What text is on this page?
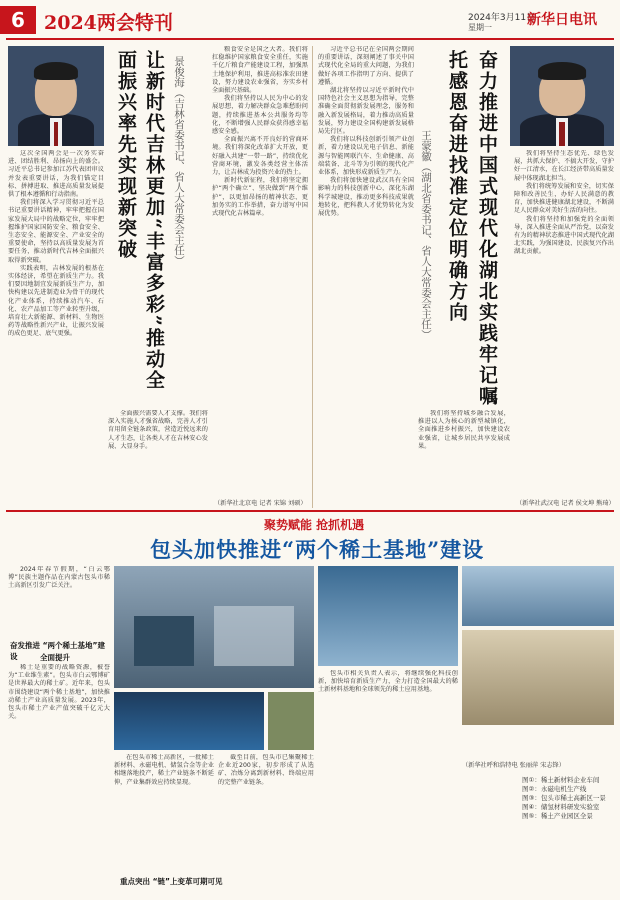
6	2024两会特刊	2024年3月11日
星期一	新华日电讯
让新时代吉林更加“丰富多彩”推动全面振兴率先实现新突破	景俊海（吉林省委书记、省人大常委会主任）

这次全国两会是一次务实奋进、团结胜利、昂扬向上的盛会。习近平总书记参加江苏代表团审议并发表重要讲话，为我们锚定目标、拼搏进取、推进高质量发展提供了根本遵循和行动指南。

我们将深入学习贯彻习近平总书记重要讲话精神，牢牢把握在国家发展大局中的战略定位，牢牢把握维护国家国防安全、粮食安全、生态安全、能源安全、产业安全的重要使命，坚持以高质量发展为首要任务，推动新时代吉林全面振兴取得新突破。

实践表明，吉林发展的根基在实体经济，希望在新质生产力。我们要因地制宜发展新质生产力，加快构建以先进制造业为骨干的现代化产业体系，持续推动汽车、石化、农产品加工等产业转型升级，培育壮大新能源、新材料、生物医药等战略性新兴产业，让振兴发展的成色更足、底气更强。

全面振兴需要人才支撑。我们将深入实施人才强省战略，完善人才引育用留全链条政策，营造近悦远来的人才生态，让各类人才在吉林安心发展、大显身手。

粮食安全是国之大者。我们将扛稳维护国家粮食安全重任，实施千亿斤粮食产能建设工程，加强黑土地保护利用，推进高标准农田建设，努力建设农业强省，夯实乡村全面振兴基础。

我们将坚持以人民为中心的发展思想，着力解决群众急难愁盼问题，持续推进基本公共服务均等化，不断增强人民群众获得感幸福感安全感。

全面振兴离不开良好的营商环境。我们将深化改革扩大开放，更好融入共建“一带一路”，持续优化营商环境，激发各类经营主体活力，让吉林成为投资兴业的热土。

新时代新征程，我们将坚定拥护“两个确立”、坚决做到“两个维护”，以更加昂扬的精神状态、更加务实的工作举措，奋力谱写中国式现代化吉林篇章。

（新华社北京电 记者 宋锦 刘硕）

习近平总书记在全国两会期间的重要讲话，深刻阐述了事关中国式现代化全局的重大问题，为我们做好各项工作指明了方向、提供了遵循。

湖北将坚持以习近平新时代中国特色社会主义思想为指导，完整准确全面贯彻新发展理念，服务和融入新发展格局，着力推动高质量发展，努力建设全国构建新发展格局先行区。

我们将以科技创新引领产业创新，着力建设以光电子信息、新能源与智能网联汽车、生命健康、高端装备、北斗等为引领的现代化产业体系，加快形成新质生产力。

我们将加快建设武汉具有全国影响力的科技创新中心，深化东湖科学城建设，推动更多科技成果就地转化，把科教人才优势转化为发展优势。	王蒙徽（湖北省委书记、省人大常委会主任）	奋力推进中国式现代化湖北实践牢记嘱托感恩奋进找准定位明确方向

我们将坚持城乡融合发展，推进以人为核心的新型城镇化，全面推进乡村振兴，加快建设农业强省，让城乡居民共享发展成果。

我们将坚持生态优先、绿色发展，共抓大保护、不搞大开发，守护好一江清水，在长江经济带高质量发展中体现湖北担当。

我们将统筹发展和安全，切实保障和改善民生，办好人民满意的教育，加快推进健康湖北建设，不断满足人民群众对美好生活的向往。

我们将坚持和加强党的全面领导，深入推进全面从严治党，以奋发有为的精神状态推进中国式现代化湖北实践，为强国建设、民族复兴作出湖北贡献。

（新华社武汉电 记者 侯文坤 熊琦）
聚势赋能 抢抓机遇
包头加快推进“两个稀土基地”建设

2024年春节假期，“白云鄂博”民族主题作品在内蒙古包头市稀土高新区引发广泛关注。

奋发推进 “两个稀土基地”建设	全面提升

稀土是重要的战略资源，被誉为“工业维生素”。包头市白云鄂博矿是世界最大的稀土矿。近年来，包头市围绕建设“两个稀土基地”，加快推动稀土产业高质量发展。2023年，包头市稀土产业产值突破千亿元大关。

在包头市稀土高新区，一批稀土新材料、永磁电机、储氢合金等企业相继落地投产，稀土产业链条不断延伸，产业集群效应持续显现。

重点突出 “链”上变革可期可见

截至目前，包头市已集聚稀土企业近200家，初步形成了从选矿、冶炼分离到新材料、终端应用的完整产业链条。

包头市相关负责人表示，将继续强化科技创新，加快培育新质生产力，全力打造全国最大的稀土新材料基地和全球领先的稀土应用基地。

图①：稀土新材料企业车间
图②：永磁电机生产线
图③：包头市稀土高新区一景
图④：储氢材料研发实验室
图⑤：稀土产业园区全景
（新华社呼和浩特电 张丽萍 宋志锋）
